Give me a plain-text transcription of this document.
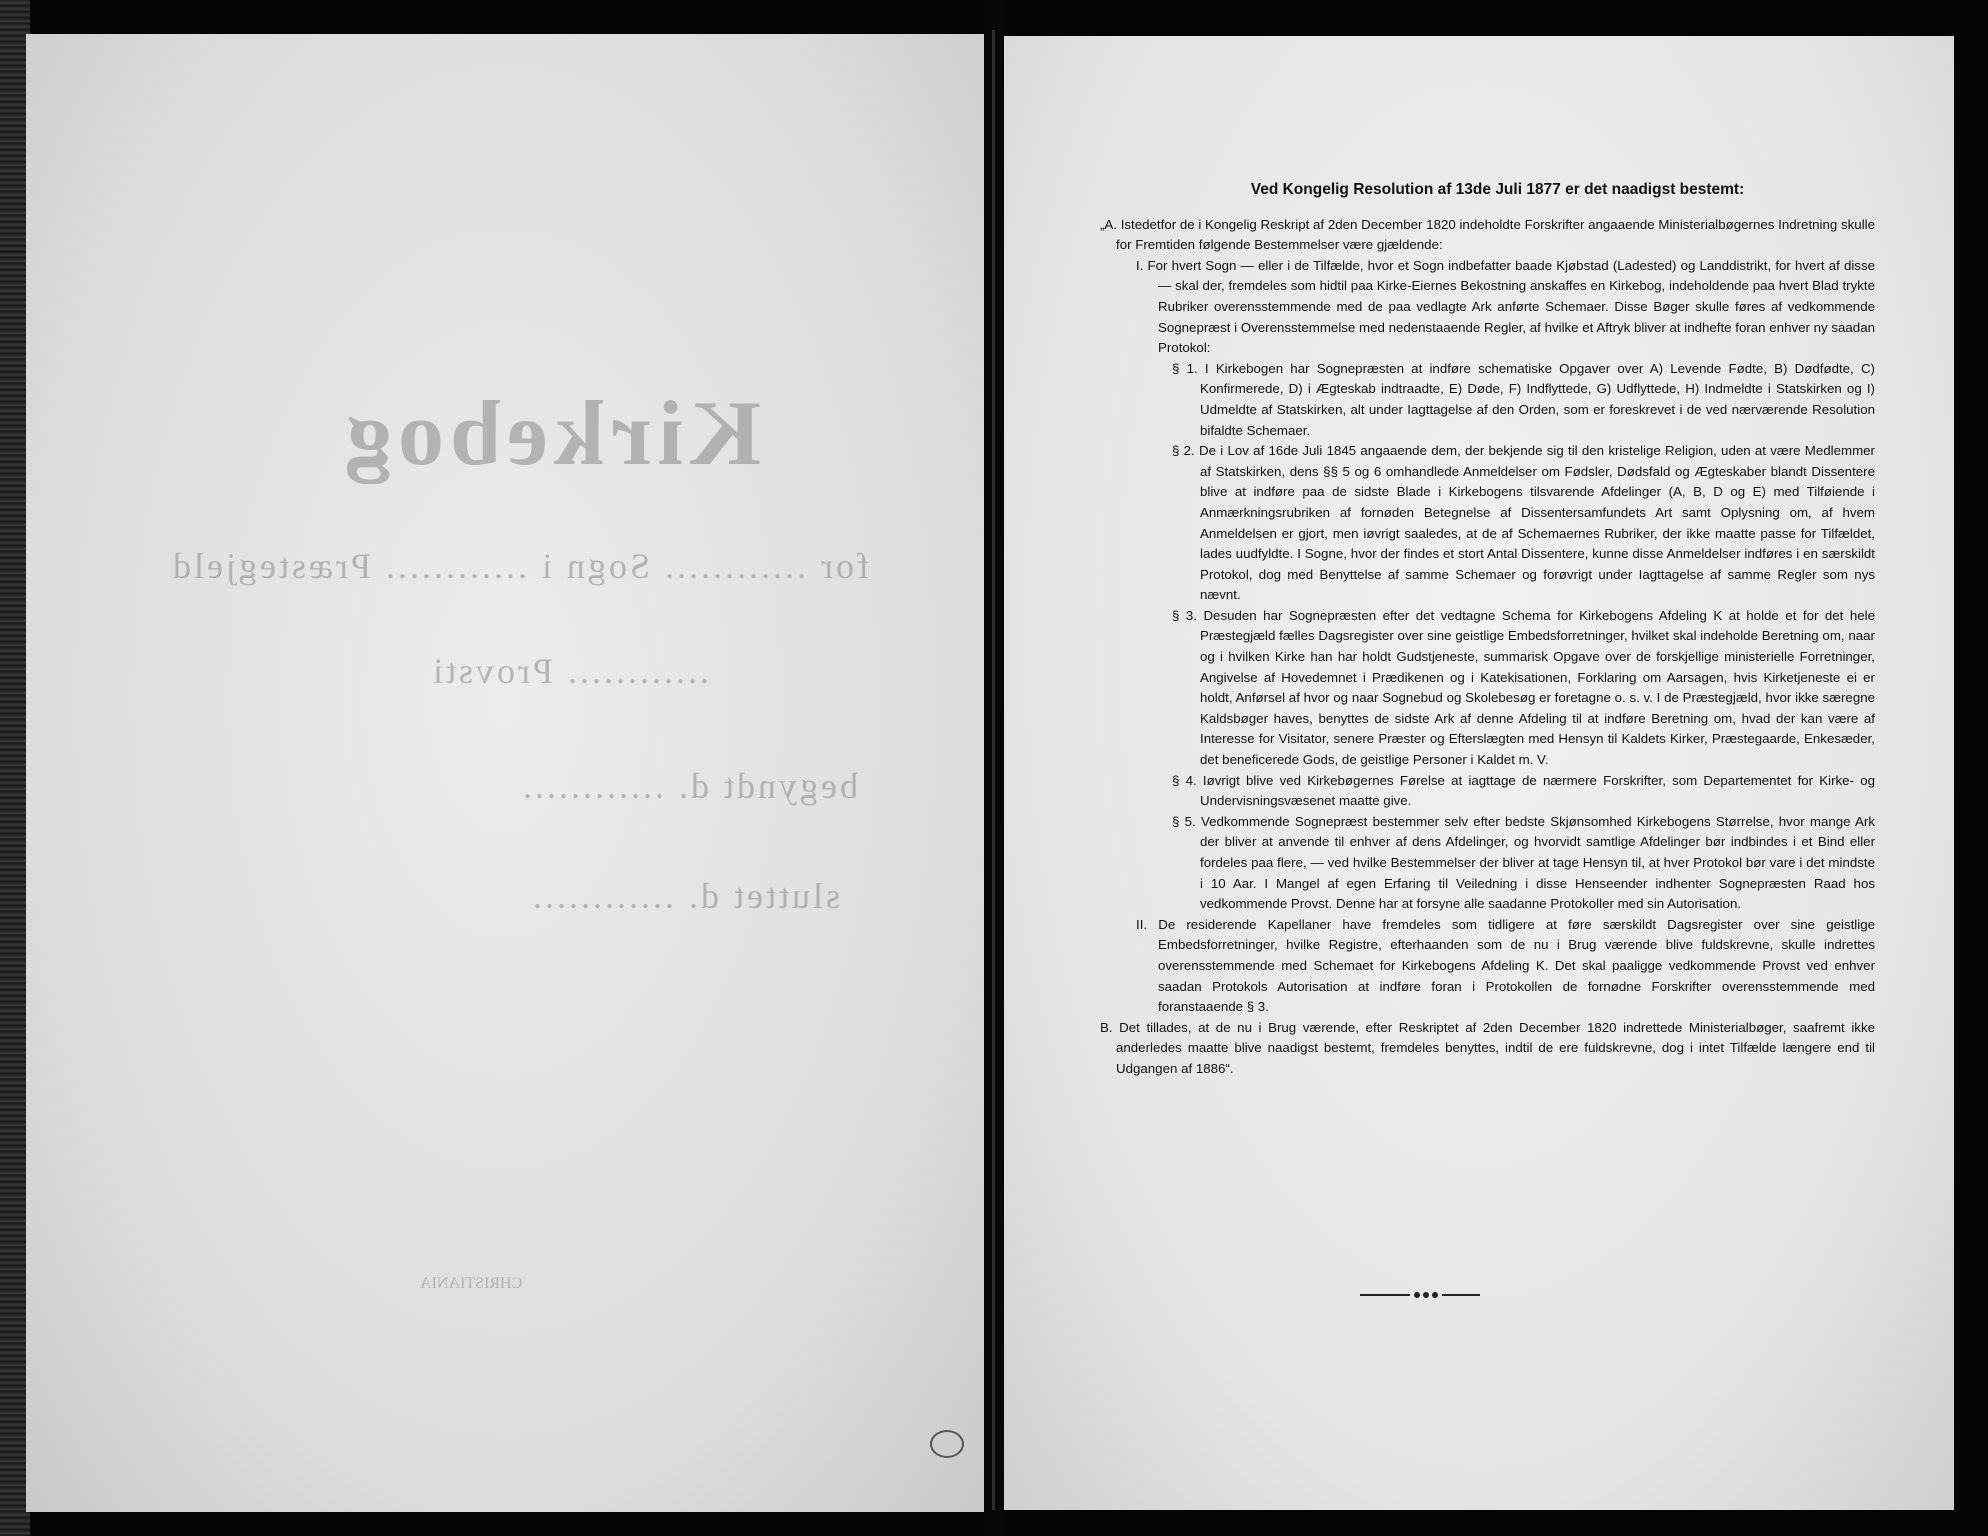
Kirkebog
for ............ Sogn i ............ Præstegjeld
............ Provsti
begyndt d. ............
sluttet d. ............
CHRISTIANIA

Ved Kongelig Resolution af 13de Juli 1877 er det naadigst bestemt:

„A. Istedetfor de i Kongelig Reskript af 2den December 1820 indeholdte Forskrifter angaaende Ministerialbøgernes Indretning skulle for Fremtiden følgende Bestemmelser være gjældende:

I. For hvert Sogn — eller i de Tilfælde, hvor et Sogn indbefatter baade Kjøbstad (Ladested) og Landdistrikt, for hvert af disse — skal der, fremdeles som hidtil paa Kirke-Eiernes Bekostning anskaffes en Kirkebog, indeholdende paa hvert Blad trykte Rubriker overensstemmende med de paa vedlagte Ark anførte Schemaer. Disse Bøger skulle føres af vedkommende Sognepræst i Overensstemmelse med nedenstaaende Regler, af hvilke et Aftryk bliver at indhefte foran enhver ny saadan Protokol:

§ 1. I Kirkebogen har Sognepræsten at indføre schematiske Opgaver over A) Levende Fødte, B) Dødfødte, C) Konfirmerede, D) i Ægteskab indtraadte, E) Døde, F) Indflyttede, G) Udflyttede, H) Indmeldte i Statskirken og I) Udmeldte af Statskirken, alt under Iagttagelse af den Orden, som er foreskrevet i de ved nærværende Resolution bifaldte Schemaer.

§ 2. De i Lov af 16de Juli 1845 angaaende dem, der bekjende sig til den kristelige Religion, uden at være Medlemmer af Statskirken, dens §§ 5 og 6 omhandlede Anmeldelser om Fødsler, Dødsfald og Ægteskaber blandt Dissentere blive at indføre paa de sidste Blade i Kirkebogens tilsvarende Afdelinger (A, B, D og E) med Tilføiende i Anmærkningsrubriken af fornøden Betegnelse af Dissentersamfundets Art samt Oplysning om, af hvem Anmeldelsen er gjort, men iøvrigt saaledes, at de af Schemaernes Rubriker, der ikke maatte passe for Tilfældet, lades uudfyldte. I Sogne, hvor der findes et stort Antal Dissentere, kunne disse Anmeldelser indføres i en særskildt Protokol, dog med Benyttelse af samme Schemaer og forøvrigt under Iagttagelse af samme Regler som nys nævnt.

§ 3. Desuden har Sognepræsten efter det vedtagne Schema for Kirkebogens Afdeling K at holde et for det hele Præstegjæld fælles Dagsregister over sine geistlige Embedsforretninger, hvilket skal indeholde Beretning om, naar og i hvilken Kirke han har holdt Gudstjeneste, summarisk Opgave over de forskjellige ministerielle Forretninger, Angivelse af Hovedemnet i Prædikenen og i Katekisationen, Forklaring om Aarsagen, hvis Kirketjeneste ei er holdt, Anførsel af hvor og naar Sognebud og Skolebesøg er foretagne o. s. v. I de Præstegjæld, hvor ikke særegne Kaldsbøger haves, benyttes de sidste Ark af denne Afdeling til at indføre Beretning om, hvad der kan være af Interesse for Visitator, senere Præster og Efterslægten med Hensyn til Kaldets Kirker, Præstegaarde, Enkesæder, det beneficerede Gods, de geistlige Personer i Kaldet m. V.

§ 4. Iøvrigt blive ved Kirkebøgernes Førelse at iagttage de nærmere Forskrifter, som Departementet for Kirke- og Undervisningsvæsenet maatte give.

§ 5. Vedkommende Sognepræst bestemmer selv efter bedste Skjønsomhed Kirkebogens Størrelse, hvor mange Ark der bliver at anvende til enhver af dens Afdelinger, og hvorvidt samtlige Afdelinger bør indbindes i et Bind eller fordeles paa flere, — ved hvilke Bestemmelser der bliver at tage Hensyn til, at hver Protokol bør vare i det mindste i 10 Aar. I Mangel af egen Erfaring til Veiledning i disse Henseender indhenter Sognepræsten Raad hos vedkommende Provst. Denne har at forsyne alle saadanne Protokoller med sin Autorisation.

II. De residerende Kapellaner have fremdeles som tidligere at føre særskildt Dagsregister over sine geistlige Embedsforretninger, hvilke Registre, efterhaanden som de nu i Brug værende blive fuldskrevne, skulle indrettes overensstemmende med Schemaet for Kirkebogens Afdeling K. Det skal paaligge vedkommende Provst ved enhver saadan Protokols Autorisation at indføre foran i Protokollen de fornødne Forskrifter overensstemmende med foranstaaende § 3.

B. Det tillades, at de nu i Brug værende, efter Reskriptet af 2den December 1820 indrettede Ministerialbøger, saafremt ikke anderledes maatte blive naadigst bestemt, fremdeles benyttes, indtil de ere fuldskrevne, dog i intet Tilfælde længere end til Udgangen af 1886“.
